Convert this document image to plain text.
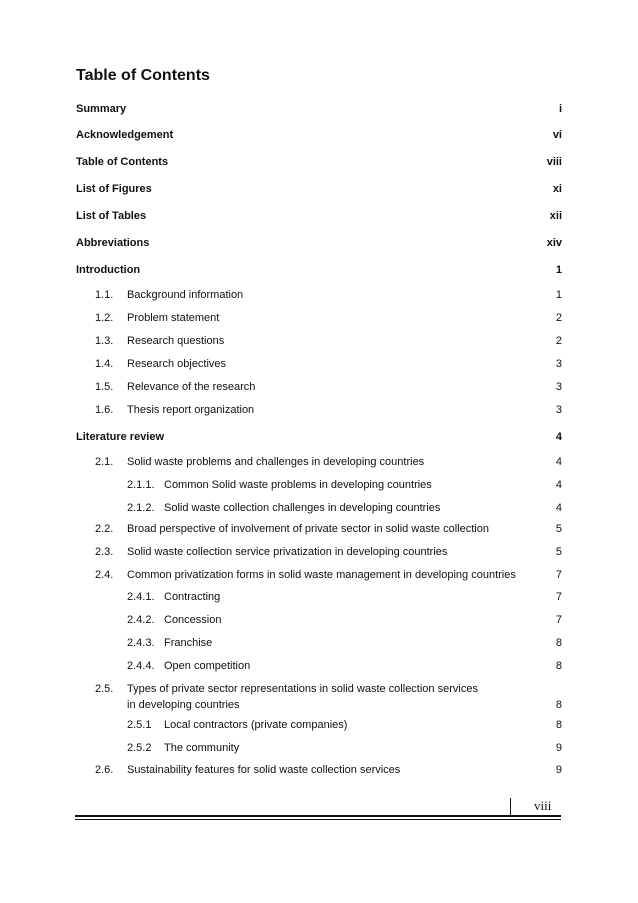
Table of Contents
Summary	i
Acknowledgement	vi
Table of Contents	viii
List of Figures	xi
List of Tables	xii
Abbreviations	xiv
Introduction	1
1.1. Background information	1
1.2. Problem statement	2
1.3. Research questions	2
1.4. Research objectives	3
1.5. Relevance of the research	3
1.6. Thesis report organization	3
Literature review	4
2.1. Solid waste problems and challenges in developing countries	4
2.1.1. Common Solid waste problems in developing countries	4
2.1.2. Solid waste collection challenges in developing countries	4
2.2. Broad perspective of involvement of private sector in solid waste collection	5
2.3. Solid waste collection service privatization in developing countries	5
2.4. Common privatization forms in solid waste management in developing countries	7
2.4.1. Contracting	7
2.4.2. Concession	7
2.4.3. Franchise	8
2.4.4. Open competition	8
2.5. Types of private sector representations in solid waste collection services in developing countries	8
2.5.1 Local contractors (private companies)	8
2.5.2 The community	9
2.6. Sustainability features for solid waste collection services	9
viii
